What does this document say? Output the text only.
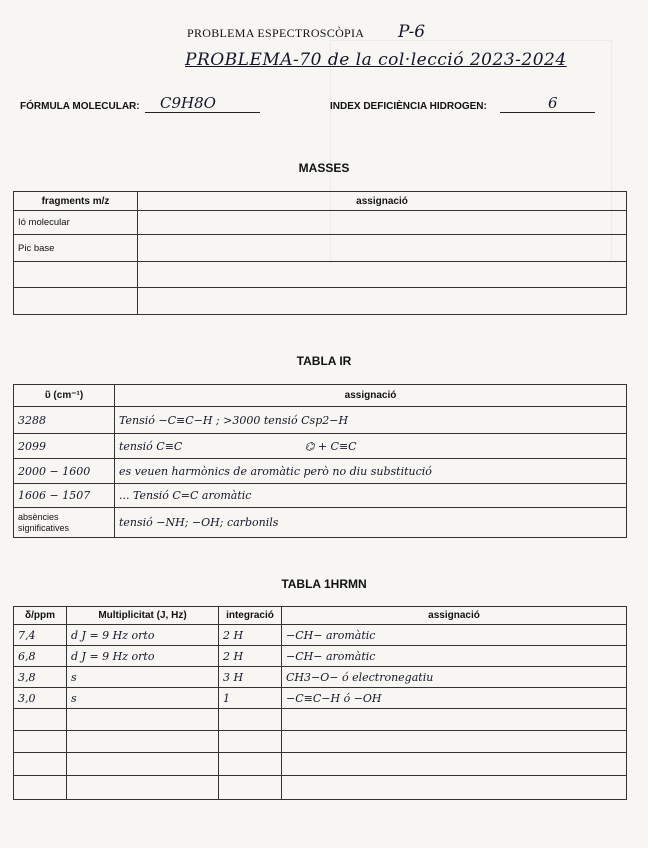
PROBLEMA ESPECTROSCÒPIA P-6
PROBLEMA-70 de la col·lecció 2023-2024
FÓRMULA MOLECULAR: C9H8O	INDEX DEFICIÈNCIA HIDROGEN:	6
MASSES
fragments m/z	assignació
Ió molecular	
Pic base	

TABLA IR
ῦ (cm⁻¹)	assignació
3288	Tensió −C≡C−H ; >3000 tensió Csp2−H
2099	tensió C≡C                                   ⌬ + C≡C
2000 − 1600	es veuen harmònics de aromàtic però no diu substitució
1606 − 1507	... Tensió C=C aromàtic
absències significatives	tensió −NH; −OH; carbonils
TABLA 1HRMN
δ/ppm	Multiplicitat (J, Hz)	integració	assignació
7,4	d J = 9 Hz orto	2 H	−CH− aromàtic
6,8	d J = 9 Hz orto	2 H	−CH− aromàtic
3,8	s	3 H	CH3−O− ó electronegatiu
3,0	s	1	−C≡C−H ó −OH
